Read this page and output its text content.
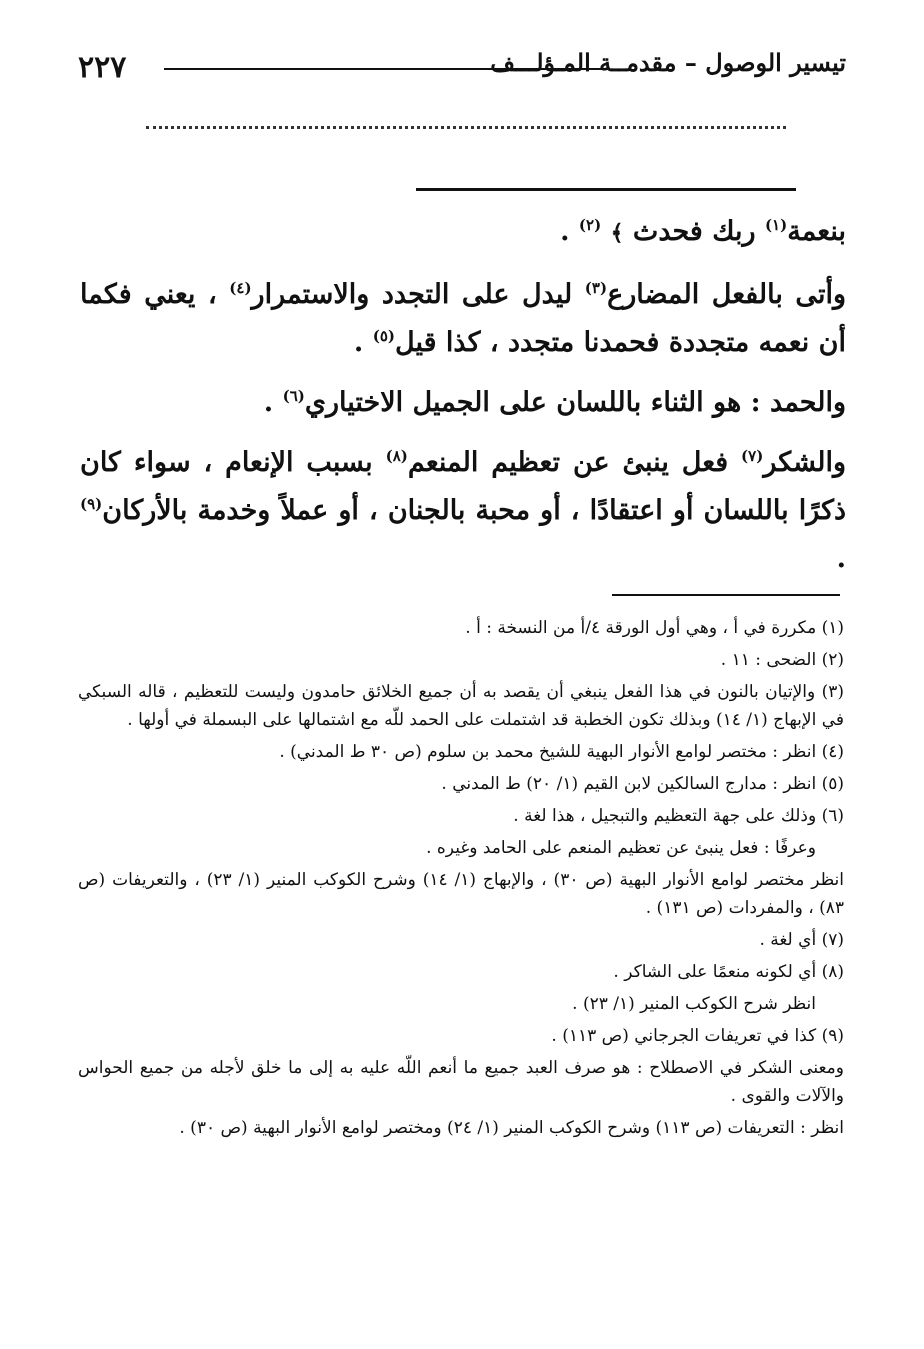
٢٢٧	تيسير الوصول – مقدمــة المـؤلـــف

بنعمة$^{(١)}$ ربك فحدث ﴾ $^{(٢)}$ .

وأتى بالفعل المضارع$^{(٣)}$ ليدل على التجدد والاستمرار$^{(٤)}$ ، يعني فكما أن نعمه متجددة فحمدنا متجدد ، كذا قيل$^{(٥)}$ .

والحمد : هو الثناء باللسان على الجميل الاختياري$^{(٦)}$ .

والشكر$^{(٧)}$ فعل ينبئ عن تعظيم المنعم$^{(٨)}$ بسبب الإنعام ، سواء كان ذكرًا باللسان أو اعتقادًا ، أو محبة بالجنان ، أو عملاً وخدمة بالأركان$^{(٩)}$ .

(١) مكررة في أ ، وهي أول الورقة ٤/أ من النسخة : أ .
(٢) الضحى : ١١ .
(٣) والإتيان بالنون في هذا الفعل ينبغي أن يقصد به أن جميع الخلائق حامدون وليست للتعظيم ، قاله السبكي في الإبهاج (١/ ١٤) وبذلك تكون الخطبة قد اشتملت على الحمد للّه مع اشتمالها على البسملة في أولها .
(٤) انظر : مختصر لوامع الأنوار البهية للشيخ محمد بن سلوم (ص ٣٠ ط المدني) .
(٥) انظر : مدارج السالكين لابن القيم (١/ ٢٠) ط المدني .
(٦) وذلك على جهة التعظيم والتبجيل ، هذا لغة .
وعرفًا : فعل ينبئ عن تعظيم المنعم على الحامد وغيره .
انظر مختصر لوامع الأنوار البهية (ص ٣٠) ، والإبهاج (١/ ١٤) وشرح الكوكب المنير (١/ ٢٣) ، والتعريفات (ص ٨٣) ، والمفردات (ص ١٣١) .
(٧) أي لغة .
(٨) أي لكونه منعمًا على الشاكر .
انظر شرح الكوكب المنير (١/ ٢٣) .
(٩) كذا في تعريفات الجرجاني (ص ١١٣) .
ومعنى الشكر في الاصطلاح : هو صرف العبد جميع ما أنعم اللّه عليه به إلى ما خلق لأجله من جميع الحواس والآلات والقوى .
انظر : التعريفات (ص ١١٣) وشرح الكوكب المنير (١/ ٢٤) ومختصر لوامع الأنوار البهية (ص ٣٠) .
